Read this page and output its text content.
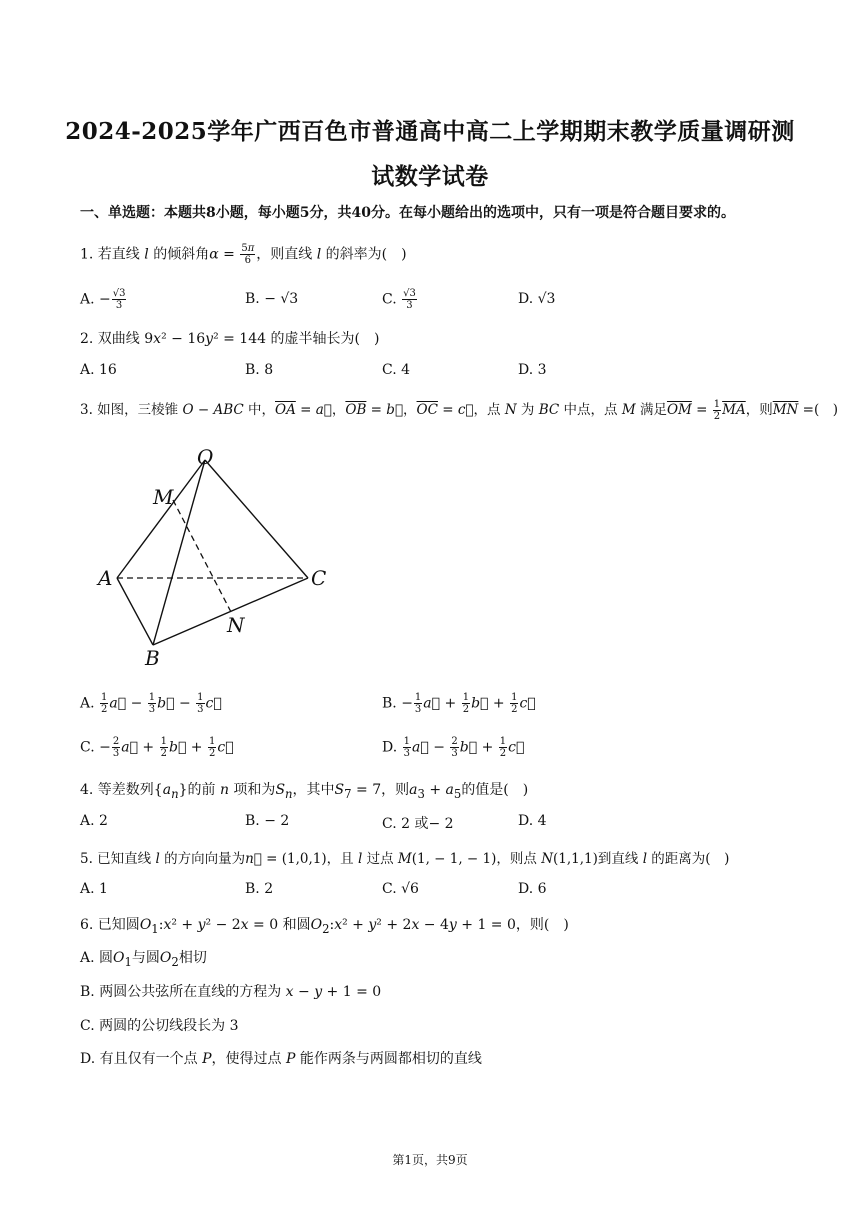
2024-2025学年广西百色市普通高中高二上学期期末教学质量调研测
试数学试卷
一、单选题：本题共8小题，每小题5分，共40分。在每小题给出的选项中，只有一项是符合题目要求的。
1. 若直线 l 的倾斜角$\alpha = \frac{5\pi}{6}$ ，则直线 l 的斜率为(　)
A. − $\frac{√3}{3}$	B. − √3	C. $\frac{√3}{3}$	D. √3
2. 双曲线 9x² − 16y² = 144 的虚半轴长为(　)
A. 16	B. 8	C. 4	D. 3
3. 如图，三棱锥 O − ABC 中，$\overline{OA}$ = a⃗，$\overline{OB}$ = b⃗，$\overline{OC}$ = c⃗，点 N 为 BC 中点，点 M 满足$\overline{OM} = \frac{1}{2} \overline{MA}$，则$\overline{MN}$ =(　)
O
M
A	C
B
N
A. $\frac{1}{2}$ a⃗ − $\frac{1}{3}$ b⃗ − $\frac{1}{3}$ c⃗	B. − $\frac{1}{3}$ a⃗ + $\frac{1}{2}$ b⃗ + $\frac{1}{2}$ c⃗
C. − $\frac{2}{3}$ a⃗ + $\frac{1}{2}$ b⃗ + $\frac{1}{2}$ c⃗	D. $\frac{1}{3}$ a⃗ − $\frac{2}{3}$ b⃗ + $\frac{1}{2}$ c⃗
4. 等差数列$\{a_n\}$的前 n 项和为$S_n$，其中$S_7 = 7$，则$a_3 + a_5$的值是(　)
A. 2	B. − 2	C. 2 或− 2	D. 4
5. 已知直线 l 的方向向量为n⃗ = (1,0,1)，且 l 过点 M(1, − 1, − 1)，则点 N(1,1,1)到直线 l 的距离为(　)
A. 1	B. 2	C. √6	D. 6
6. 已知圆$O_1:x^2 + y^2 - 2x = 0$ 和圆$O_2:x^2 + y^2 + 2x - 4y + 1 = 0$，则(　)
A. 圆$O_1$与圆$O_2$相切
B. 两圆公共弦所在直线的方程为 x − y + 1 = 0
C. 两圆的公切线段长为 3
D. 有且仅有一个点 P，使得过点 P 能作两条与两圆都相切的直线
第1页，共9页
